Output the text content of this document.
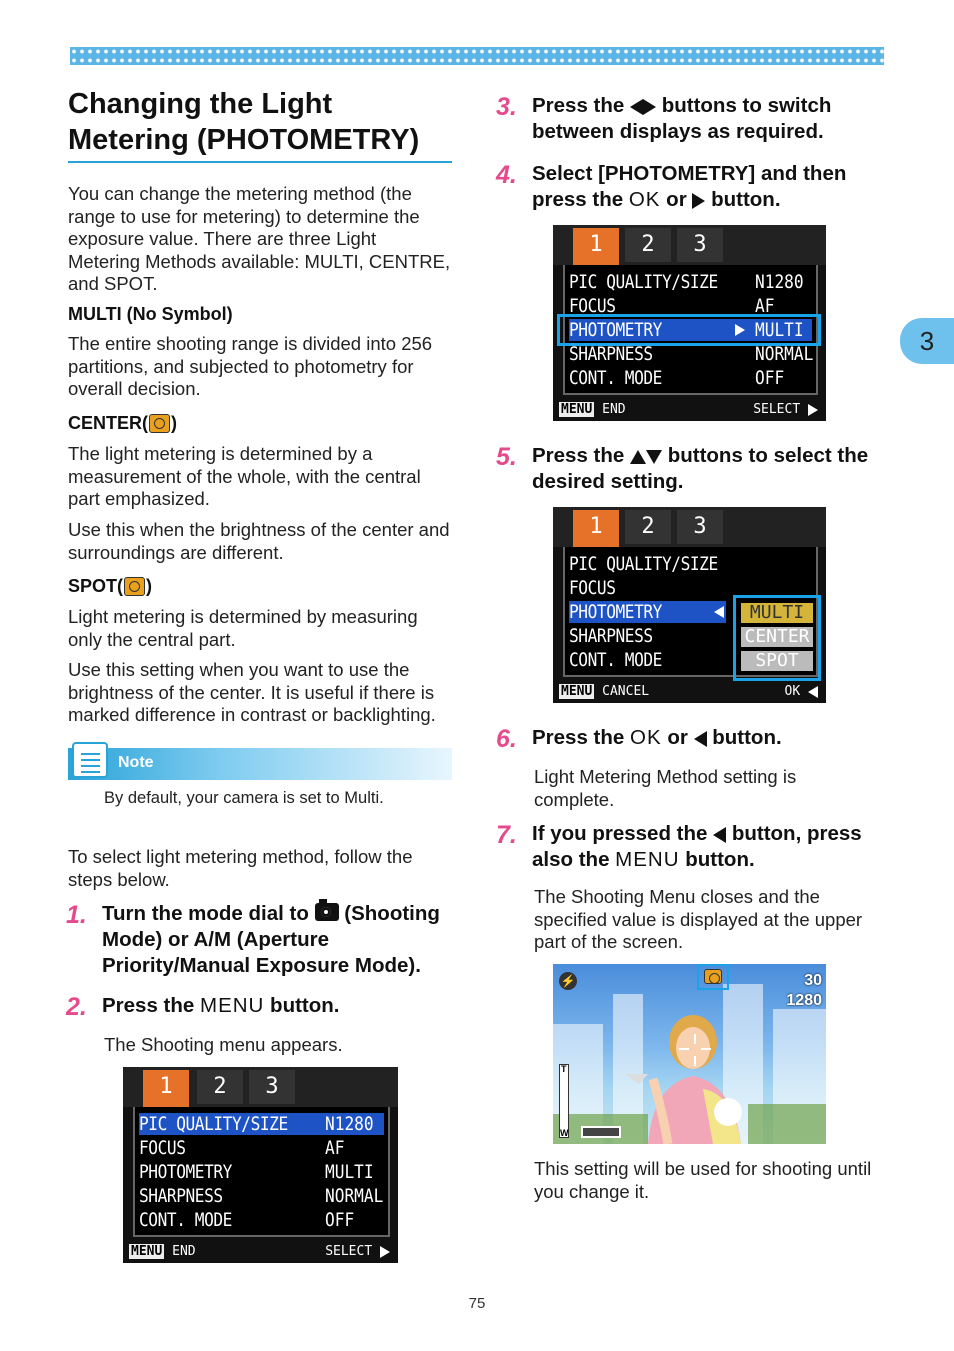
Changing the Light Metering (PHOTOMETRY)
You can change the metering method (the range to use for metering) to determine the exposure value. There are three Light Metering Methods available: MULTI, CENTRE, and SPOT.
MULTI (No Symbol)
The entire shooting range is divided into 256 partitions, and subjected to photometry for overall decision.
CENTER( )
The light metering is determined by a measurement of the whole, with the central part emphasized.
Use this when the brightness of the center and surroundings are different.
SPOT( )
Light metering is determined by measuring only the central part.
Use this setting when you want to use the brightness of the center. It is useful if there is marked difference in contrast or backlighting.
Note
By default, your camera is set to Multi.
To select light metering method, follow the steps below.
1. Turn the mode dial to  (Shooting Mode) or A/M (Aperture Priority/Manual Exposure Mode).
2. Press the MENU button.
The Shooting menu appears.
1	2	3
PIC QUALITY/SIZE N1280
FOCUS	AF
PHOTOMETRY	MULTI
SHARPNESS	NORMAL
CONT. MODE	OFF
MENU END	SELECT
3. Press the  buttons to switch between displays as required.
4. Select [PHOTOMETRY] and then press the OK or  button.
1	2	3
PIC QUALITY/SIZE N1280
FOCUS	AF
PHOTOMETRY	MULTI
SHARPNESS	NORMAL
CONT. MODE	OFF
MENU END	SELECT
5. Press the  buttons to select the desired setting.
1	2	3
PIC QUALITY/SIZE
FOCUS
PHOTOMETRY
SHARPNESS
CONT. MODE
MULTI
CENTER
SPOT
MENU CANCEL	OK
6. Press the OK or  button.
Light Metering Method setting is complete.
7. If you pressed the  button, press also the MENU button.
The Shooting Menu closes and the specified value is displayed at the upper part of the screen.
⚡	30
1280
T
W
This setting will be used for shooting until you change it.
3
75
